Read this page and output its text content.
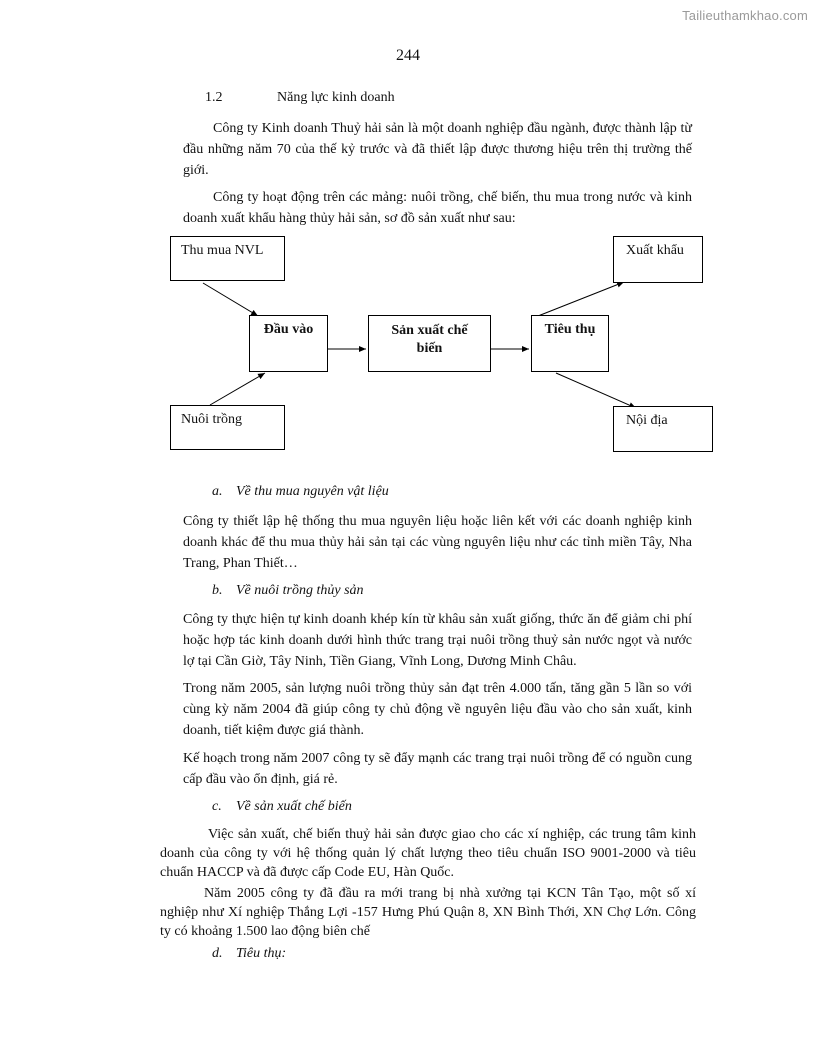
Tailieuthamkhao.com
244
1.2	Năng lực kinh doanh

Công ty Kinh doanh Thuỷ hải sản là một doanh nghiệp đầu ngành, được thành lập từ đầu những năm 70 của thế kỷ trước và đã thiết lập được thương hiệu trên thị trường thế giới.

Công ty hoạt động trên các mảng: nuôi trồng, chế biến, thu mua trong nước và kinh doanh xuất khẩu hàng thủy hải sản, sơ đồ sản xuất như sau:

Thu mua NVL
Nuôi trồng
Đầu vào	Sản xuất chế
biến
Tiêu thụ
Xuất khẩu
Nội địa
a. Về thu mua nguyên vật liệu

Công ty thiết lập hệ thống thu mua nguyên liệu hoặc liên kết với các doanh nghiệp kinh doanh khác để thu mua thủy hải sản tại các vùng nguyên liệu như các tỉnh miền Tây, Nha Trang, Phan Thiết…

b. Về nuôi trồng thủy sản

Công ty thực hiện tự kinh doanh khép kín từ khâu sản xuất giống, thức ăn để giảm chi phí hoặc hợp tác kinh doanh dưới hình thức trang trại nuôi trồng thuỷ sản nước ngọt và nước lợ tại Cần Giờ, Tây Ninh, Tiền Giang, Vĩnh Long, Dương Minh Châu.

Trong năm 2005, sản lượng nuôi trồng thủy sản đạt trên 4.000 tấn, tăng gần 5 lần so với cùng kỳ năm 2004 đã giúp công ty chủ động về nguyên liệu đầu vào cho sản xuất, kinh doanh, tiết kiệm được giá thành.

Kế hoạch trong năm 2007 công ty sẽ đẩy mạnh các trang trại nuôi trồng để có nguồn cung cấp đầu vào ổn định, giá rẻ.

c. Về sản xuất chế biến

Việc sản xuất, chế biến thuỷ hải sản được giao cho các xí nghiệp, các trung tâm kinh doanh của công ty với hệ thống quản lý chất lượng theo tiêu chuẩn ISO 9001-2000 và tiêu chuẩn HACCP và đã được cấp Code EU, Hàn Quốc.

Năm 2005 công ty đã đầu ra mới trang bị nhà xưởng tại KCN Tân Tạo, một số xí nghiệp như Xí nghiệp Thắng Lợi -157 Hưng Phú Quận 8, XN Bình Thới, XN Chợ Lớn. Công ty có khoảng 1.500 lao động biên chế

d. Tiêu thụ:
